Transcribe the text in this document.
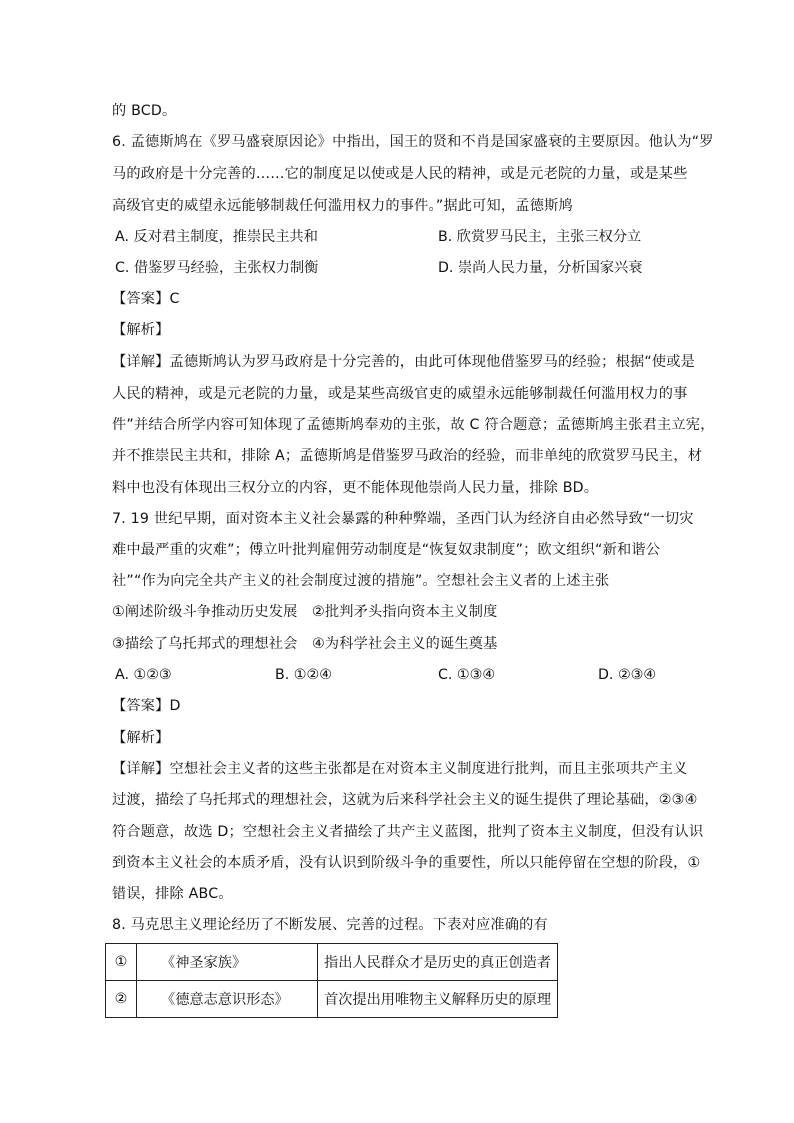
的 BCD。
6. 孟德斯鸠在《罗马盛衰原因论》中指出，国王的贤和不肖是国家盛衰的主要原因。他认为“罗
马的政府是十分完善的……它的制度足以使或是人民的精神，或是元老院的力量，或是某些
高级官吏的威望永远能够制裁任何滥用权力的事件。”据此可知，孟德斯鸠
A. 反对君主制度，推崇民主共和	B. 欣赏罗马民主，主张三权分立
C. 借鉴罗马经验，主张权力制衡	D. 崇尚人民力量，分析国家兴衰
【答案】C
【解析】
【详解】孟德斯鸠认为罗马政府是十分完善的，由此可体现他借鉴罗马的经验；根据“使或是
人民的精神，或是元老院的力量，或是某些高级官吏的威望永远能够制裁任何滥用权力的事
件”并结合所学内容可知体现了孟德斯鸠奉劝的主张，故 C 符合题意；孟德斯鸠主张君主立宪，
并不推崇民主共和，排除 A；孟德斯鸠是借鉴罗马政治的经验，而非单纯的欣赏罗马民主，材
料中也没有体现出三权分立的内容，更不能体现他崇尚人民力量，排除 BD。
7. 19 世纪早期，面对资本主义社会暴露的种种弊端，圣西门认为经济自由必然导致“一切灾
难中最严重的灾难”；傅立叶批判雇佣劳动制度是“恢复奴隶制度”；欧文组织“新和谐公
社”“作为向完全共产主义的社会制度过渡的措施”。空想社会主义者的上述主张
①阐述阶级斗争推动历史发展　②批判矛头指向资本主义制度
③描绘了乌托邦式的理想社会　④为科学社会主义的诞生奠基
A. ①②③	B. ①②④	C. ①③④	D. ②③④
【答案】D
【解析】
【详解】空想社会主义者的这些主张都是在对资本主义制度进行批判，而且主张项共产主义
过渡，描绘了乌托邦式的理想社会，这就为后来科学社会主义的诞生提供了理论基础，②③④
符合题意，故选 D；空想社会主义者描绘了共产主义蓝图，批判了资本主义制度，但没有认识
到资本主义社会的本质矛盾，没有认识到阶级斗争的重要性，所以只能停留在空想的阶段，①
错误，排除 ABC。
8. 马克思主义理论经历了不断发展、完善的过程。下表对应准确的有
①	《神圣家族》	指出人民群众才是历史的真正创造者
②	《德意志意识形态》	首次提出用唯物主义解释历史的原理
